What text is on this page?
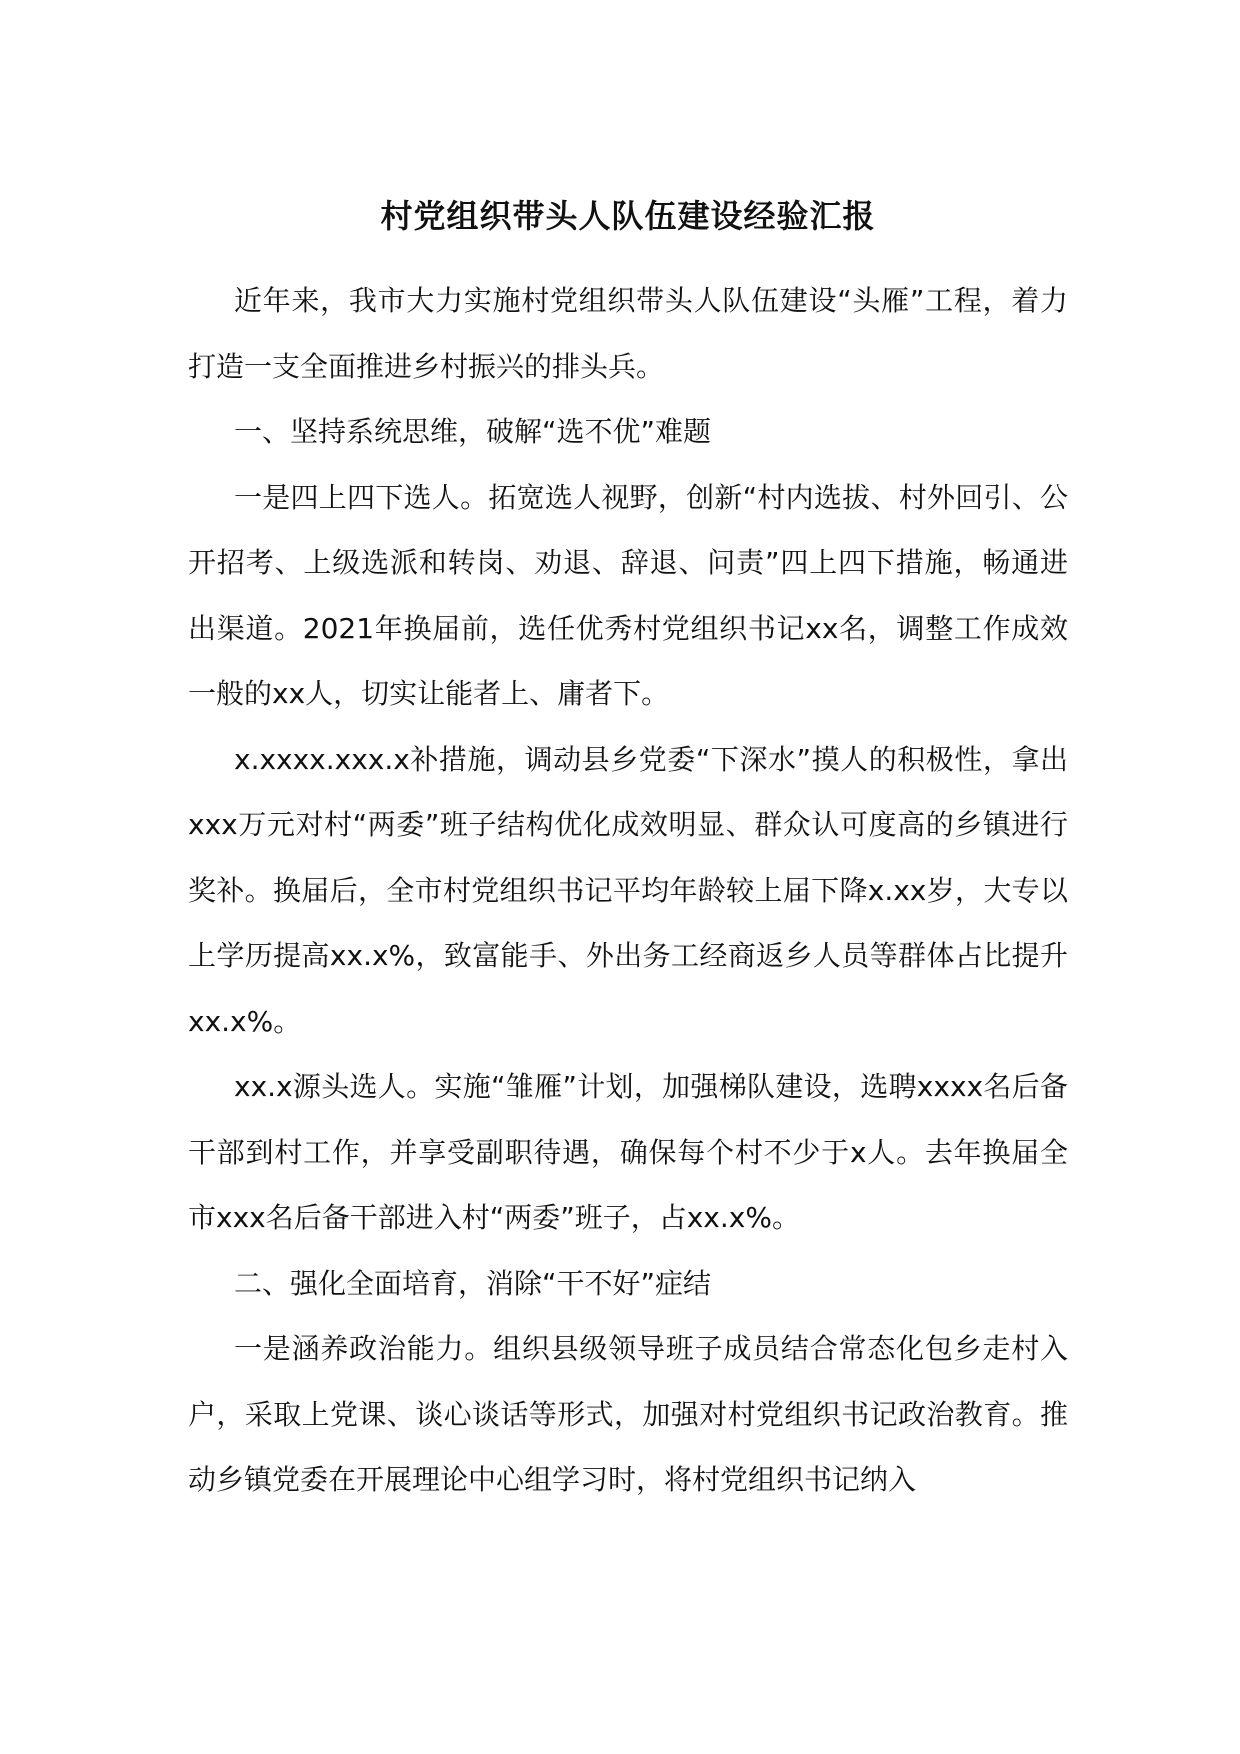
村党组织带头人队伍建设经验汇报

近年来，我市大力实施村党组织带头人队伍建设“头雁”工程，着力打造一支全面推进乡村振兴的排头兵。

一、坚持系统思维，破解“选不优”难题

一是四上四下选人。拓宽选人视野，创新“村内选拔、村外回引、公开招考、上级选派和转岗、劝退、辞退、问责”四上四下措施，畅通进出渠道。2021年换届前，选任优秀村党组织书记xx名，调整工作成效一般的xx人，切实让能者上、庸者下。

x.xxxx.xxx.x补措施，调动县乡党委“下深水”摸人的积极性，拿出xxx万元对村“两委”班子结构优化成效明显、群众认可度高的乡镇进行奖补。换届后，全市村党组织书记平均年龄较上届下降x.xx岁，大专以上学历提高xx.x%，致富能手、外出务工经商返乡人员等群体占比提升xx.x%。

xx.x源头选人。实施“雏雁”计划，加强梯队建设，选聘xxxx名后备干部到村工作，并享受副职待遇，确保每个村不少于x人。去年换届全市xxx名后备干部进入村“两委”班子，占xx.x%。

二、强化全面培育，消除“干不好”症结

一是涵养政治能力。组织县级领导班子成员结合常态化包乡走村入户，采取上党课、谈心谈话等形式，加强对村党组织书记政治教育。推动乡镇党委在开展理论中心组学习时，将村党组织书记纳入
